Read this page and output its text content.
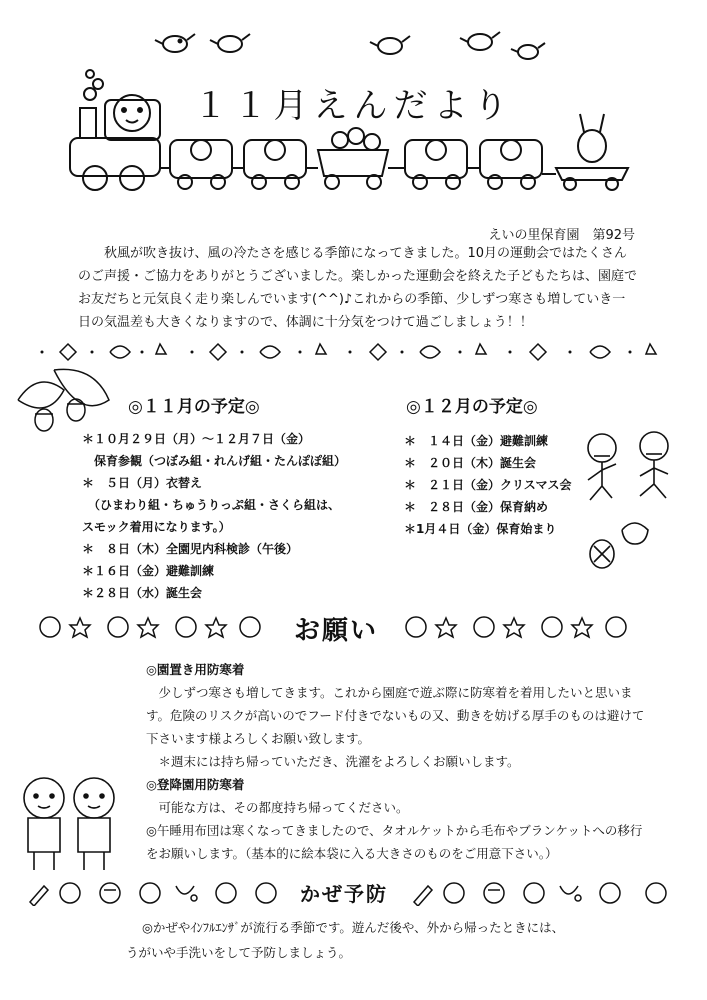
１１月えんだより
えいの里保育園　第92号
秋風が吹き抜け、風の冷たさを感じる季節になってきました。10月の運動会ではたくさんのご声援・ご協力をありがとうございました。楽しかった運動会を終えた子どもたちは、園庭でお友だちと元気良く走り楽しんでいます(^^)♪これからの季節、少しずつ寒さも増していき一日の気温差も大きくなりますので、体調に十分気をつけて過ごしましょう！！
◎１１月の予定◎
＊１０月２９日（月）～１２月７日（金）
　保育参観（つぼみ組・れんげ組・たんぽぽ組）
＊　５日（月）衣替え
　（ひまわり組・ちゅうりっぷ組・さくら組は、
スモック着用になります。）
＊　８日（木）全園児内科検診（午後）
＊１６日（金）避難訓練
＊２８日（水）誕生会
◎１２月の予定◎
＊　１４日（金）避難訓練
＊　２０日（木）誕生会
＊　２１日（金）クリスマス会
＊　２８日（金）保育納め
＊1月４日（金）保育始まり
お願い
◎園置き用防寒着
少しずつ寒さも増してきます。これから園庭で遊ぶ際に防寒着を着用したいと思います。危険のリスクが高いのでフード付きでないもの又、動きを妨げる厚手のものは避けて下さいます様よろしくお願い致します。
＊週末には持ち帰っていただき、洗濯をよろしくお願いします。
◎登降園用防寒着
可能な方は、その都度持ち帰ってください。
◎午睡用布団は寒くなってきましたので、タオルケットから毛布やブランケットへの移行をお願いします。（基本的に絵本袋に入る大きさのものをご用意下さい。）
かぜ予防
◎かぜやｲﾝﾌﾙｴﾝｻﾞが流行る季節です。遊んだ後や、外から帰ったときには、
うがいや手洗いをして予防しましょう。
